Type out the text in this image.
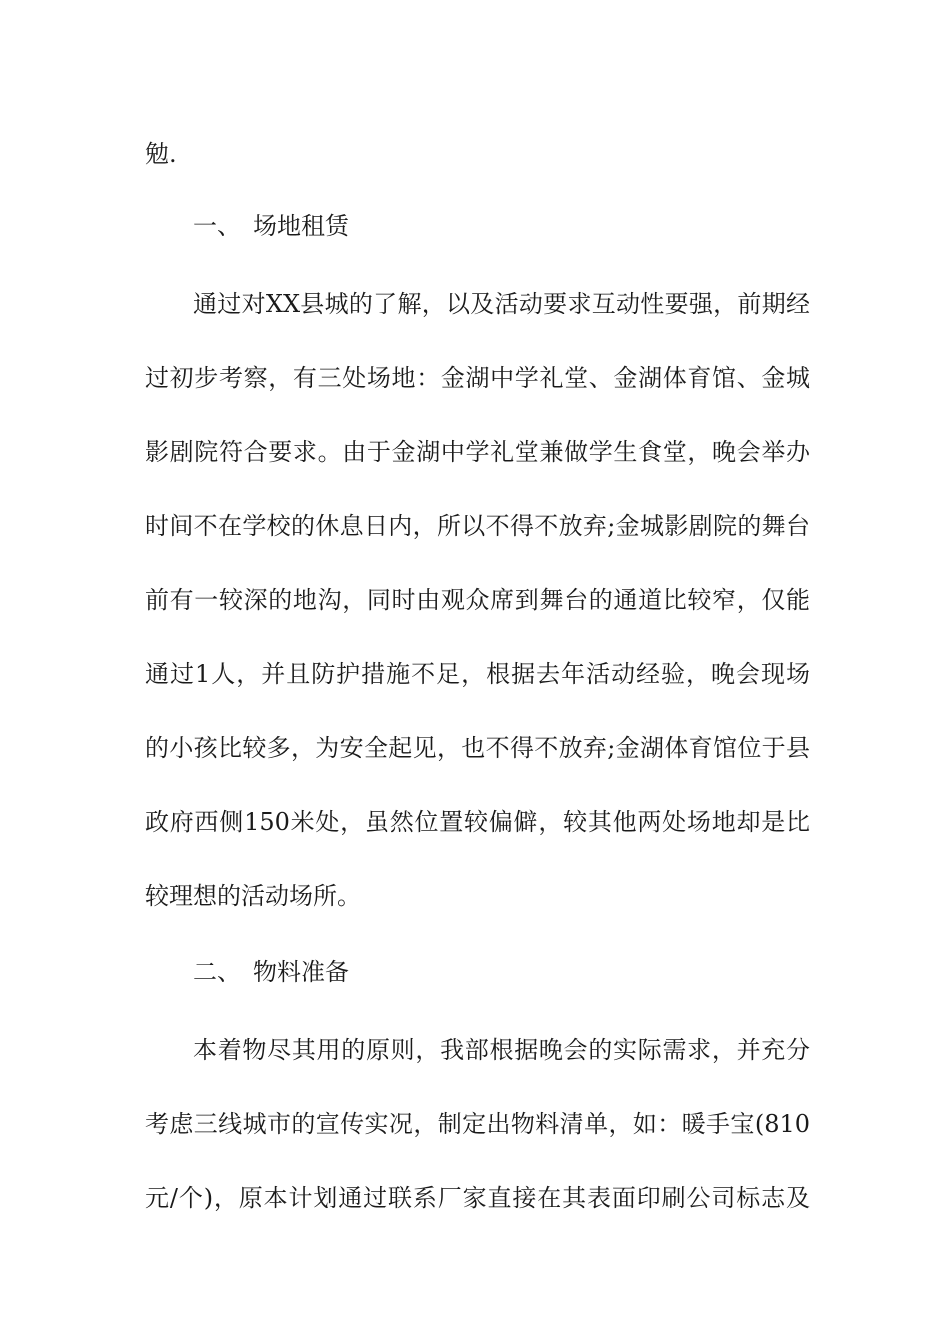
勉.
一、 场地租赁
通过对XX县城的了解，以及活动要求互动性要强，前期经
过初步考察，有三处场地：金湖中学礼堂、金湖体育馆、金城
影剧院符合要求。由于金湖中学礼堂兼做学生食堂，晚会举办
时间不在学校的休息日内，所以不得不放弃;金城影剧院的舞台
前有一较深的地沟，同时由观众席到舞台的通道比较窄，仅能
通过1人，并且防护措施不足，根据去年活动经验，晚会现场
的小孩比较多，为安全起见，也不得不放弃;金湖体育馆位于县
政府西侧150米处，虽然位置较偏僻，较其他两处场地却是比
较理想的活动场所。
二、 物料准备
本着物尽其用的原则，我部根据晚会的实际需求，并充分
考虑三线城市的宣传实况，制定出物料清单，如：暖手宝(810
元/个)，原本计划通过联系厂家直接在其表面印刷公司标志及
